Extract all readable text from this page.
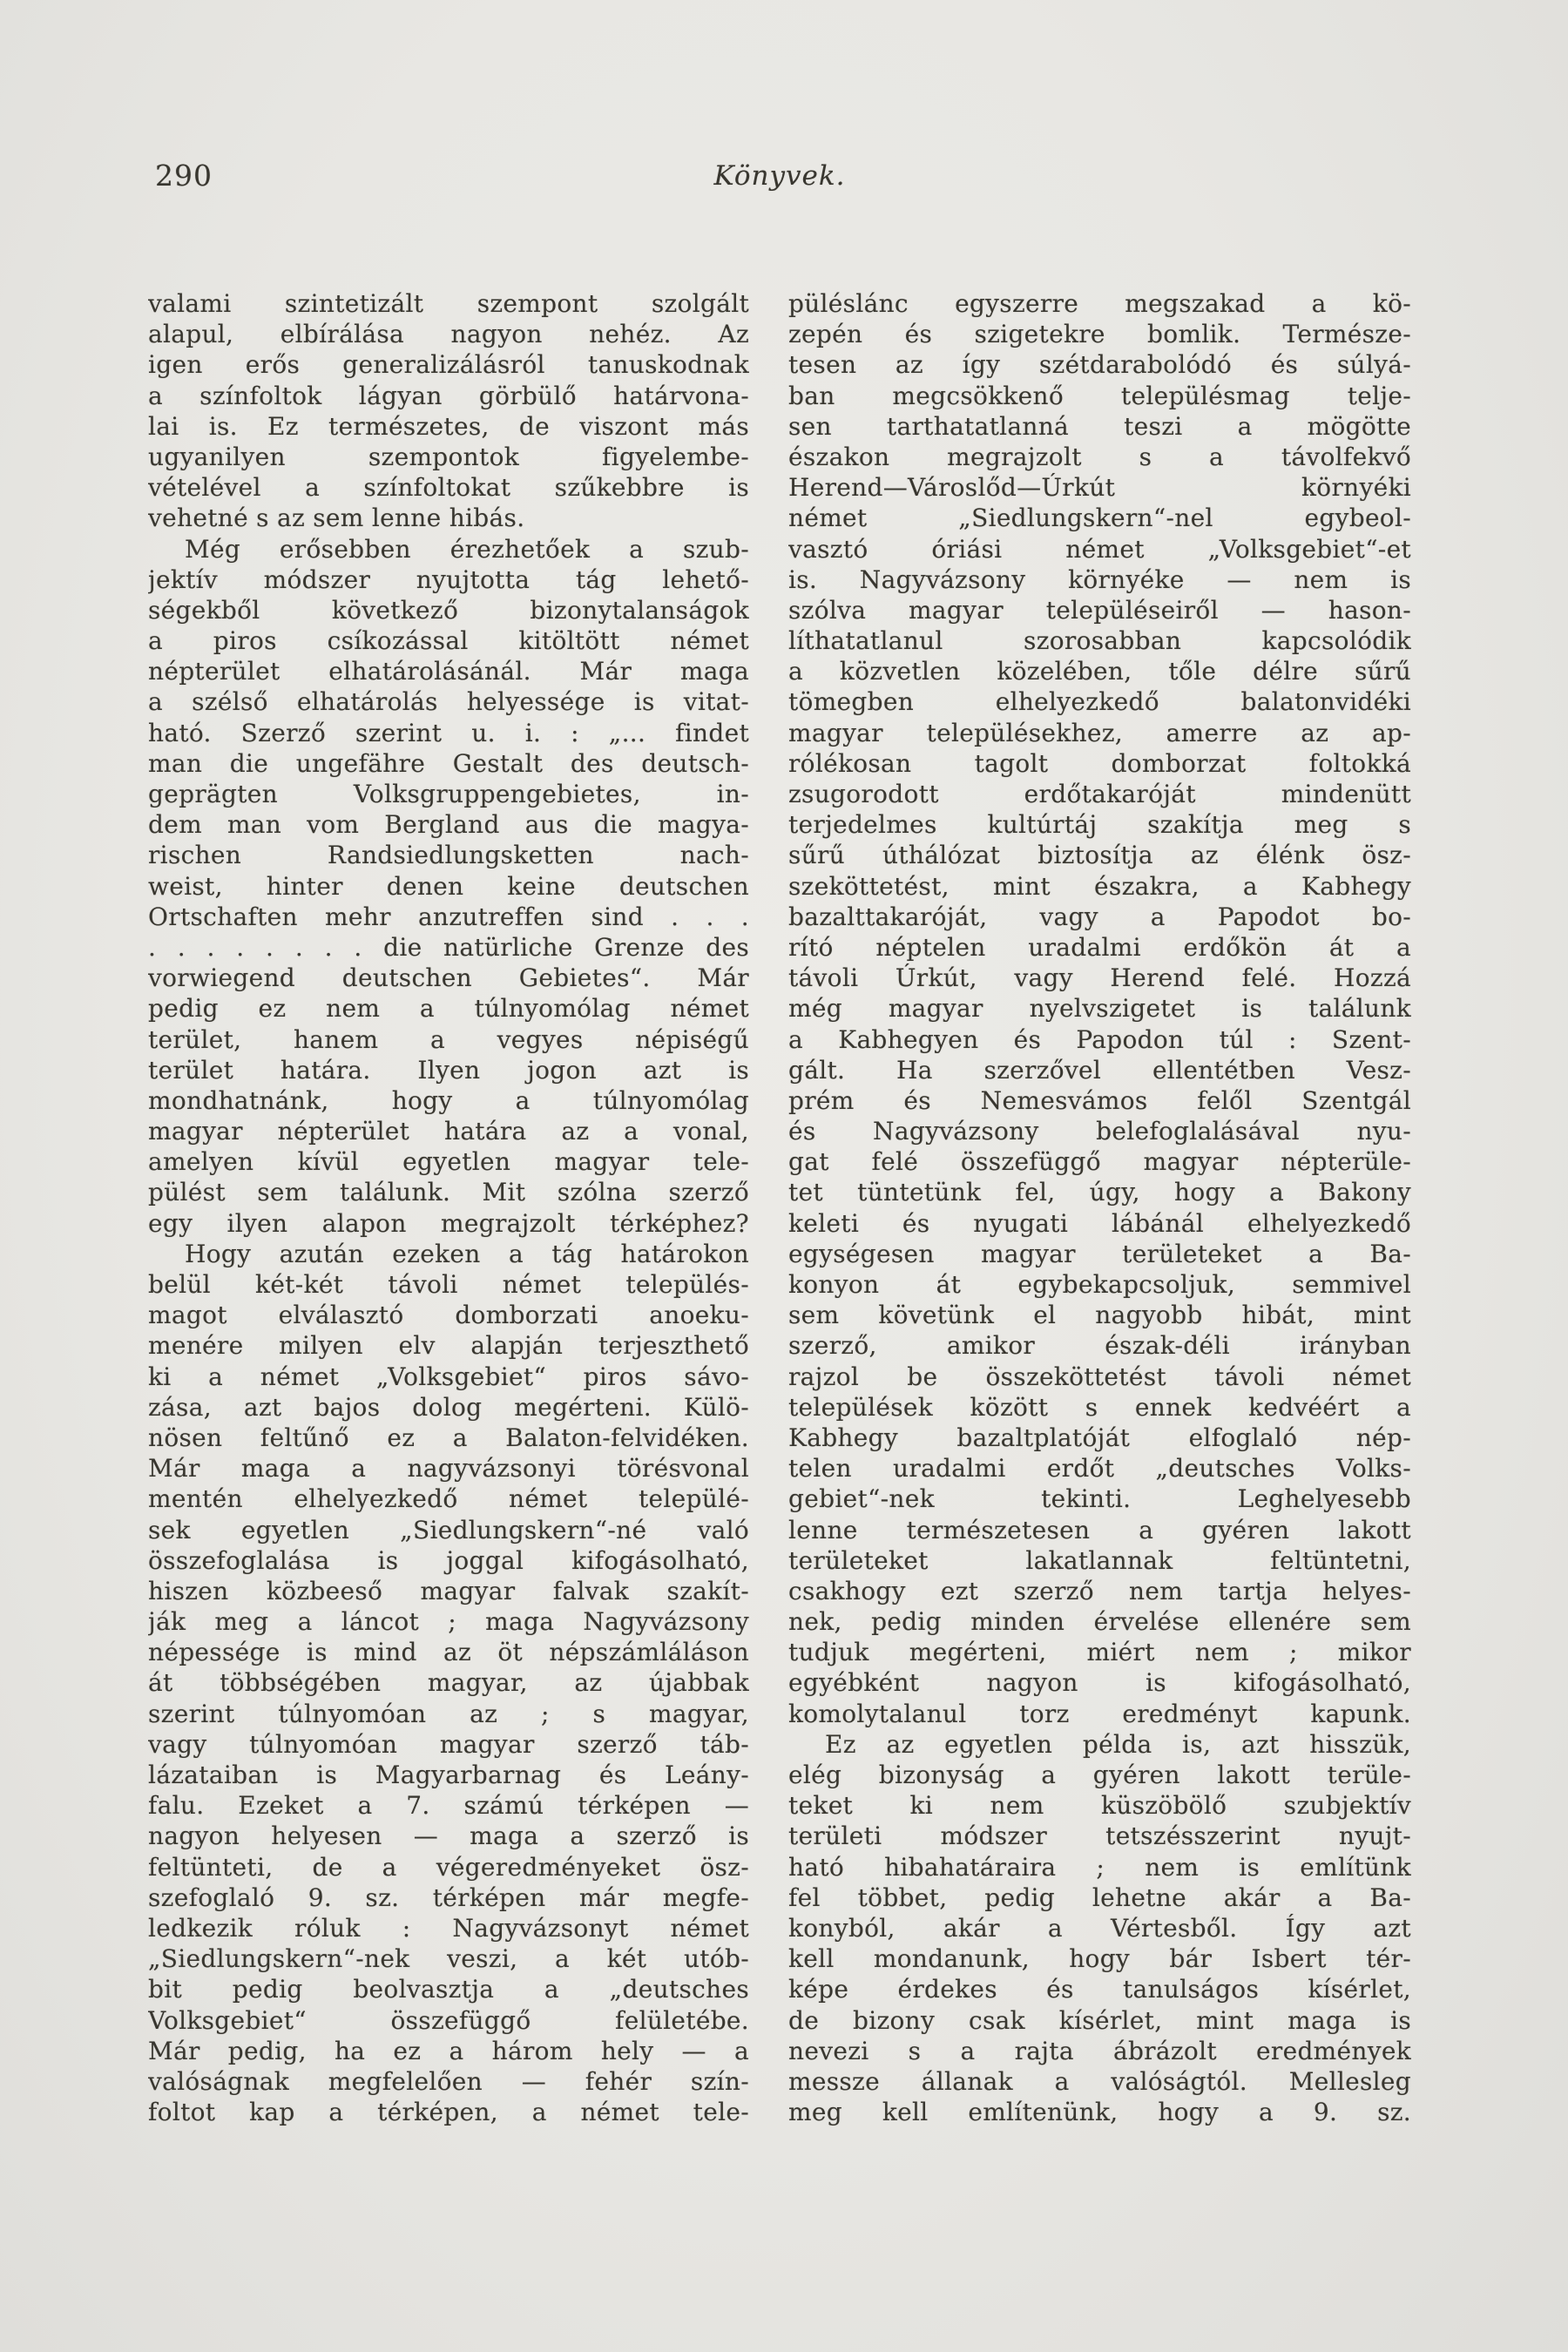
290	Könyvek.
valami szintetizált szempont szolgált
alapul, elbírálása nagyon nehéz. Az
igen erős generalizálásról tanuskodnak
a színfoltok lágyan görbülő határvona-
lai is. Ez természetes, de viszont más
ugyanilyen szempontok figyelembe-
vételével a színfoltokat szűkebbre is
vehetné s az sem lenne hibás.
Még erősebben érezhetőek a szub-
jektív módszer nyujtotta tág lehető-
ségekből következő bizonytalanságok
a piros csíkozással kitöltött német
népterület elhatárolásánál. Már maga
a szélső elhatárolás helyessége is vitat-
ható. Szerző szerint u. i. : „... findet
man die ungefähre Gestalt des deutsch-
geprägten Volksgruppengebietes, in-
dem man vom Bergland aus die magya-
rischen Randsiedlungsketten nach-
weist, hinter denen keine deutschen
Ortschaften mehr anzutreffen sind . . .
. . . . . . . . die natürliche Grenze des
vorwiegend deutschen Gebietes“. Már
pedig ez nem a túlnyomólag német
terület, hanem a vegyes népiségű
terület határa. Ilyen jogon azt is
mondhatnánk, hogy a túlnyomólag
magyar népterület határa az a vonal,
amelyen kívül egyetlen magyar tele-
pülést sem találunk. Mit szólna szerző
egy ilyen alapon megrajzolt térképhez?
Hogy azután ezeken a tág határokon
belül két-két távoli német település-
magot elválasztó domborzati anoeku-
menére milyen elv alapján terjeszthető
ki a német „Volksgebiet“ piros sávo-
zása, azt bajos dolog megérteni. Külö-
nösen feltűnő ez a Balaton-felvidéken.
Már maga a nagyvázsonyi törésvonal
mentén elhelyezkedő német települé-
sek egyetlen „Siedlungskern“-né való
összefoglalása is joggal kifogásolható,
hiszen közbeeső magyar falvak szakít-
ják meg a láncot ; maga Nagyvázsony
népessége is mind az öt népszámláláson
át többségében magyar, az újabbak
szerint túlnyomóan az ; s magyar,
vagy túlnyomóan magyar szerző táb-
lázataiban is Magyarbarnag és Leány-
falu. Ezeket a 7. számú térképen —
nagyon helyesen — maga a szerző is
feltünteti, de a végeredményeket ösz-
szefoglaló 9. sz. térképen már megfe-
ledkezik róluk : Nagyvázsonyt német
„Siedlungskern“-nek veszi, a két utób-
bit pedig beolvasztja a „deutsches
Volksgebiet“ összefüggő felületébe.
Már pedig, ha ez a három hely — a
valóságnak megfelelően — fehér szín-
foltot kap a térképen, a német tele-
püléslánc egyszerre megszakad a kö-
zepén és szigetekre bomlik. Természe-
tesen az így szétdarabolódó és súlyá-
ban megcsökkenő településmag telje-
sen tarthatatlanná teszi a mögötte
északon megrajzolt s a távolfekvő
Herend—Városlőd—Úrkút környéki
német „Siedlungskern“-nel egybeol-
vasztó óriási német „Volksgebiet“-et
is. Nagyvázsony környéke — nem is
szólva magyar településeiről — hason-
líthatatlanul szorosabban kapcsolódik
a közvetlen közelében, tőle délre sűrű
tömegben elhelyezkedő balatonvidéki
magyar településekhez, amerre az ap-
rólékosan tagolt domborzat foltokká
zsugorodott erdőtakaróját mindenütt
terjedelmes kultúrtáj szakítja meg s
sűrű úthálózat biztosítja az élénk ösz-
szeköttetést, mint északra, a Kabhegy
bazalttakaróját, vagy a Papodot bo-
rító néptelen uradalmi erdőkön át a
távoli Úrkút, vagy Herend felé. Hozzá
még magyar nyelvszigetet is találunk
a Kabhegyen és Papodon túl : Szent-
gált. Ha szerzővel ellentétben Vesz-
prém és Nemesvámos felől Szentgál
és Nagyvázsony belefoglalásával nyu-
gat felé összefüggő magyar népterüle-
tet tüntetünk fel, úgy, hogy a Bakony
keleti és nyugati lábánál elhelyezkedő
egységesen magyar területeket a Ba-
konyon át egybekapcsoljuk, semmivel
sem követünk el nagyobb hibát, mint
szerző, amikor észak-déli irányban
rajzol be összeköttetést távoli német
települések között s ennek kedvéért a
Kabhegy bazaltplatóját elfoglaló nép-
telen uradalmi erdőt „deutsches Volks-
gebiet“-nek tekinti. Leghelyesebb
lenne természetesen a gyéren lakott
területeket lakatlannak feltüntetni,
csakhogy ezt szerző nem tartja helyes-
nek, pedig minden érvelése ellenére sem
tudjuk megérteni, miért nem ; mikor
egyébként nagyon is kifogásolható,
komolytalanul torz eredményt kapunk.
Ez az egyetlen példa is, azt hisszük,
elég bizonyság a gyéren lakott terüle-
teket ki nem küszöbölő szubjektív
területi módszer tetszésszerint nyujt-
ható hibahatáraira ; nem is említünk
fel többet, pedig lehetne akár a Ba-
konyból, akár a Vértesből. Így azt
kell mondanunk, hogy bár Isbert tér-
képe érdekes és tanulságos kísérlet,
de bizony csak kísérlet, mint maga is
nevezi s a rajta ábrázolt eredmények
messze állanak a valóságtól. Mellesleg
meg kell említenünk, hogy a 9. sz.
